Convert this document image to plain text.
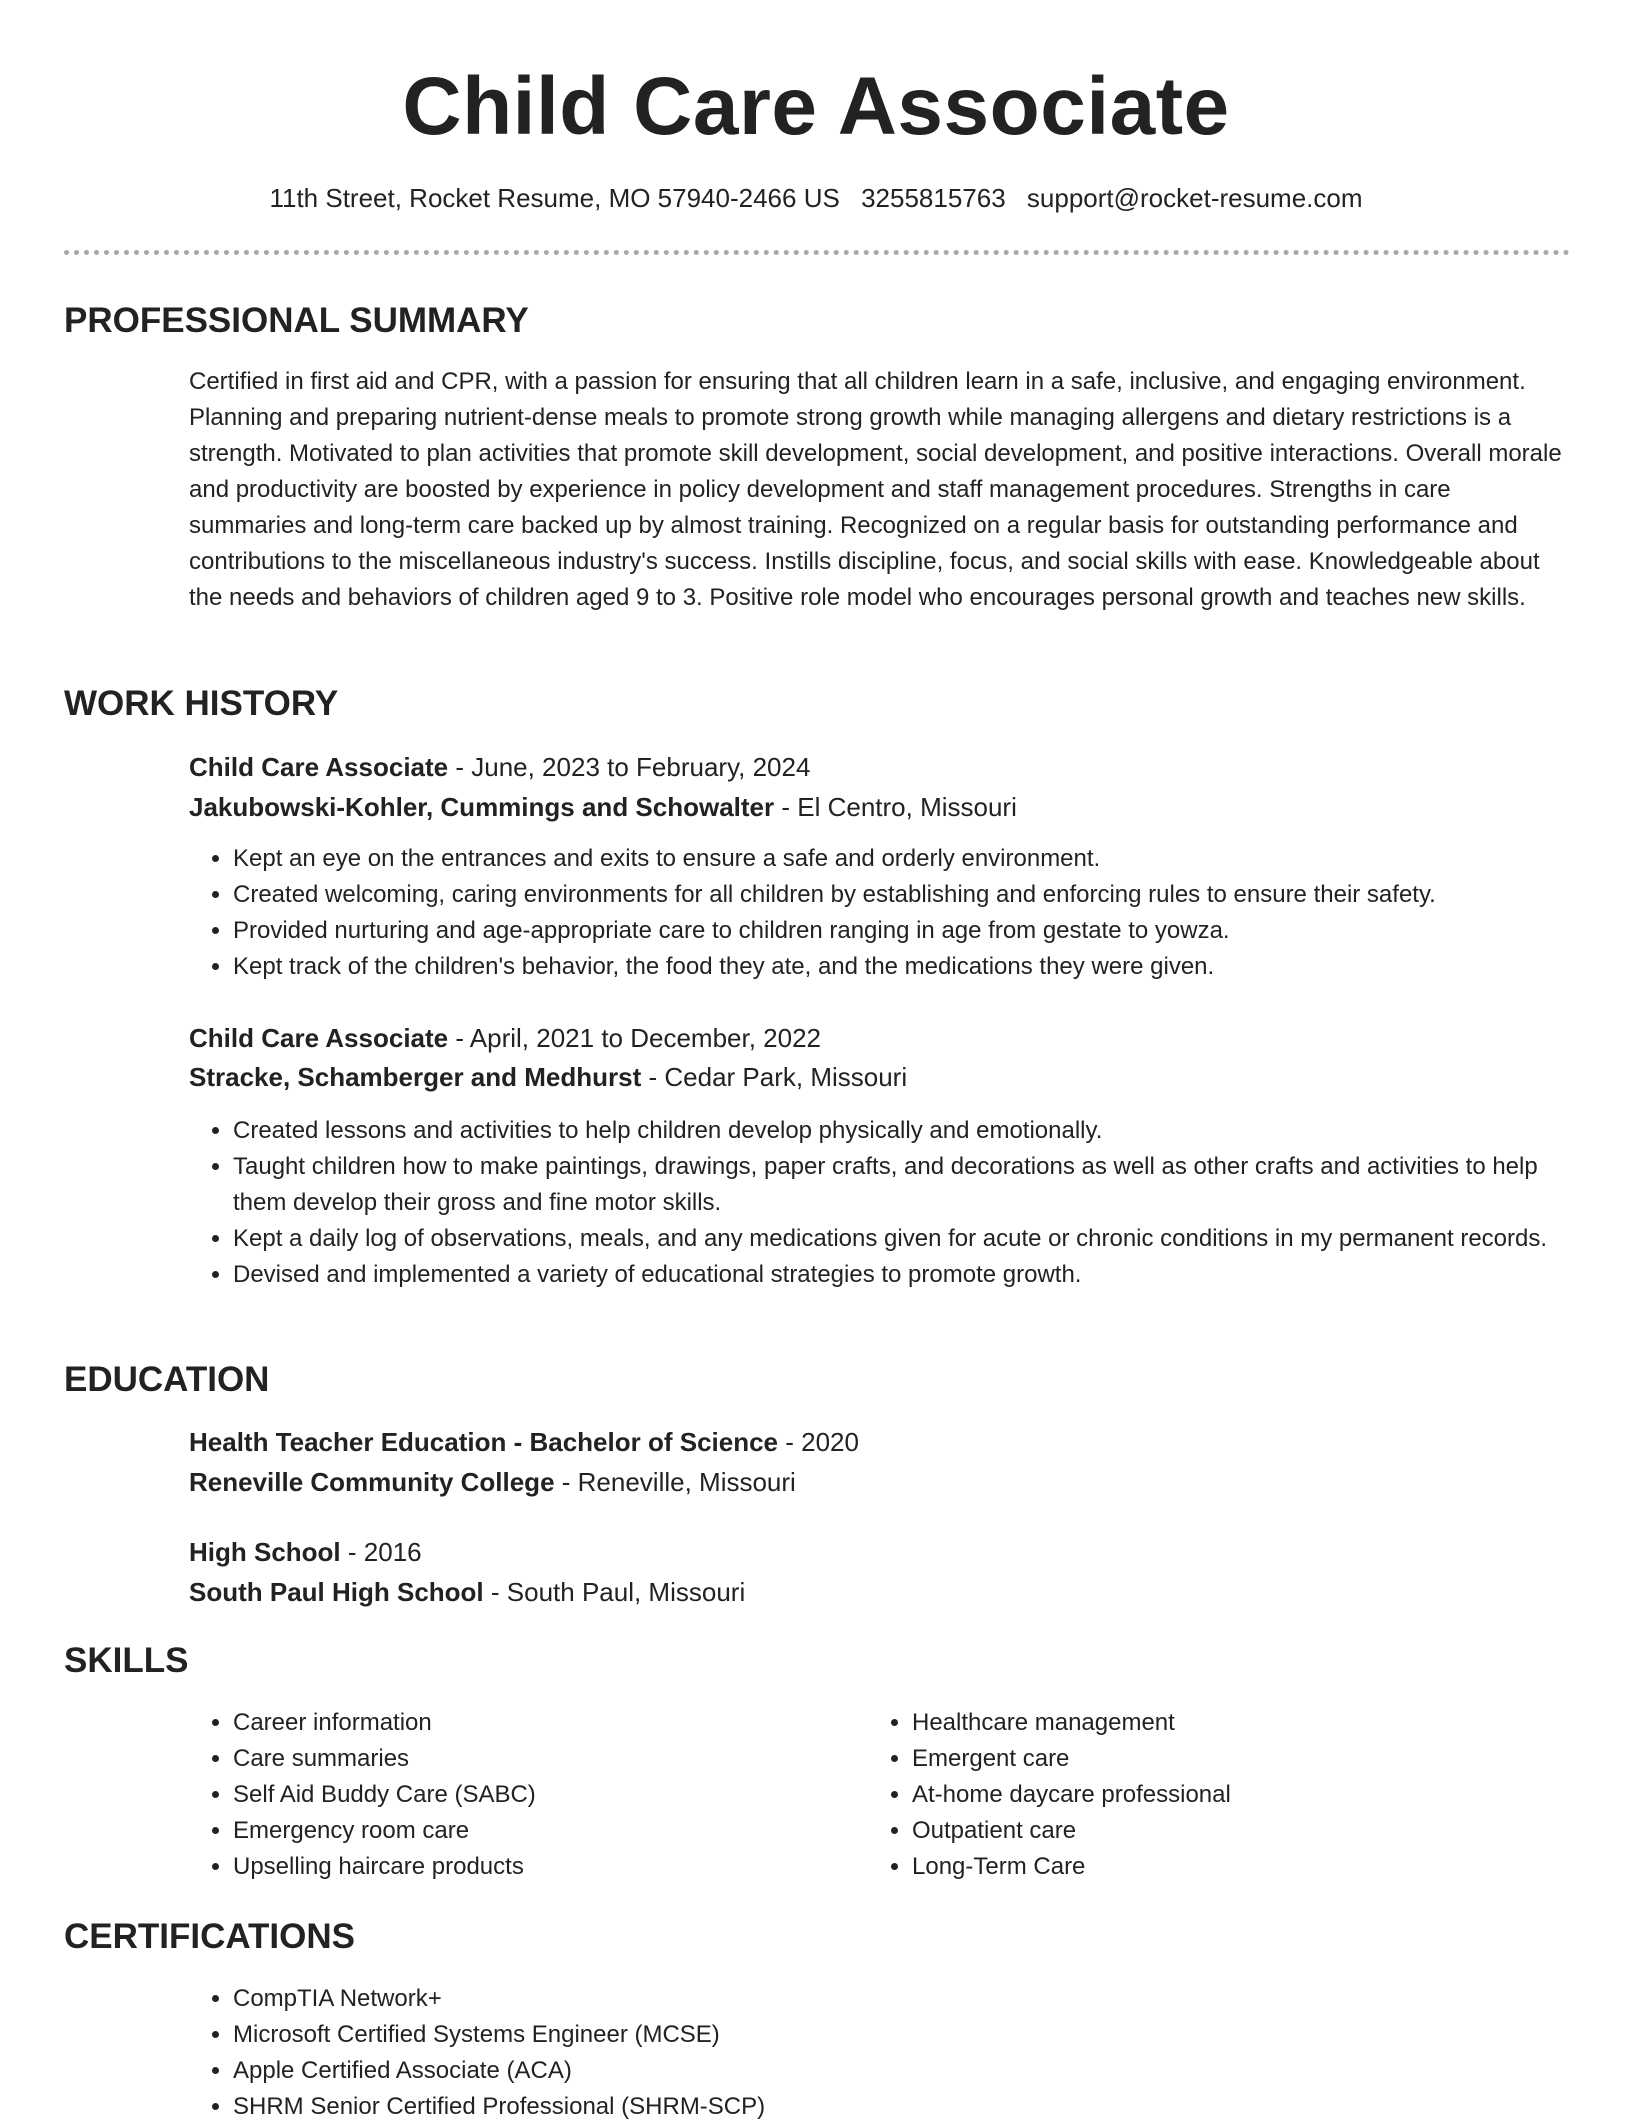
Child Care Associate
11th Street, Rocket Resume, MO 57940-2466 US 3255815763 support@rocket-resume.com
PROFESSIONAL SUMMARY

Certified in first aid and CPR, with a passion for ensuring that all children learn in a safe, inclusive, and engaging environment. Planning and preparing nutrient-dense meals to promote strong growth while managing allergens and dietary restrictions is a strength. Motivated to plan activities that promote skill development, social development, and positive interactions. Overall morale and productivity are boosted by experience in policy development and staff management procedures. Strengths in care summaries and long-term care backed up by almost training. Recognized on a regular basis for outstanding performance and contributions to the miscellaneous industry's success. Instills discipline, focus, and social skills with ease. Knowledgeable about the needs and behaviors of children aged 9 to 3. Positive role model who encourages personal growth and teaches new skills.

WORK HISTORY
Child Care Associate - June, 2023 to February, 2024
Jakubowski-Kohler, Cummings and Schowalter - El Centro, Missouri
• Kept an eye on the entrances and exits to ensure a safe and orderly environment.
• Created welcoming, caring environments for all children by establishing and enforcing rules to ensure their safety.
• Provided nurturing and age-appropriate care to children ranging in age from gestate to yowza.
• Kept track of the children's behavior, the food they ate, and the medications they were given.
Child Care Associate - April, 2021 to December, 2022
Stracke, Schamberger and Medhurst - Cedar Park, Missouri
• Created lessons and activities to help children develop physically and emotionally.
• Taught children how to make paintings, drawings, paper crafts, and decorations as well as other crafts and activities to help them develop their gross and fine motor skills.
• Kept a daily log of observations, meals, and any medications given for acute or chronic conditions in my permanent records.
• Devised and implemented a variety of educational strategies to promote growth.
EDUCATION
Health Teacher Education - Bachelor of Science - 2020
Reneville Community College - Reneville, Missouri
High School - 2016
South Paul High School - South Paul, Missouri
SKILLS
• Career information
• Care summaries
• Self Aid Buddy Care (SABC)
• Emergency room care
• Upselling haircare products
• Healthcare management
• Emergent care
• At-home daycare professional
• Outpatient care
• Long-Term Care
CERTIFICATIONS
• CompTIA Network+
• Microsoft Certified Systems Engineer (MCSE)
• Apple Certified Associate (ACA)
• SHRM Senior Certified Professional (SHRM-SCP)
